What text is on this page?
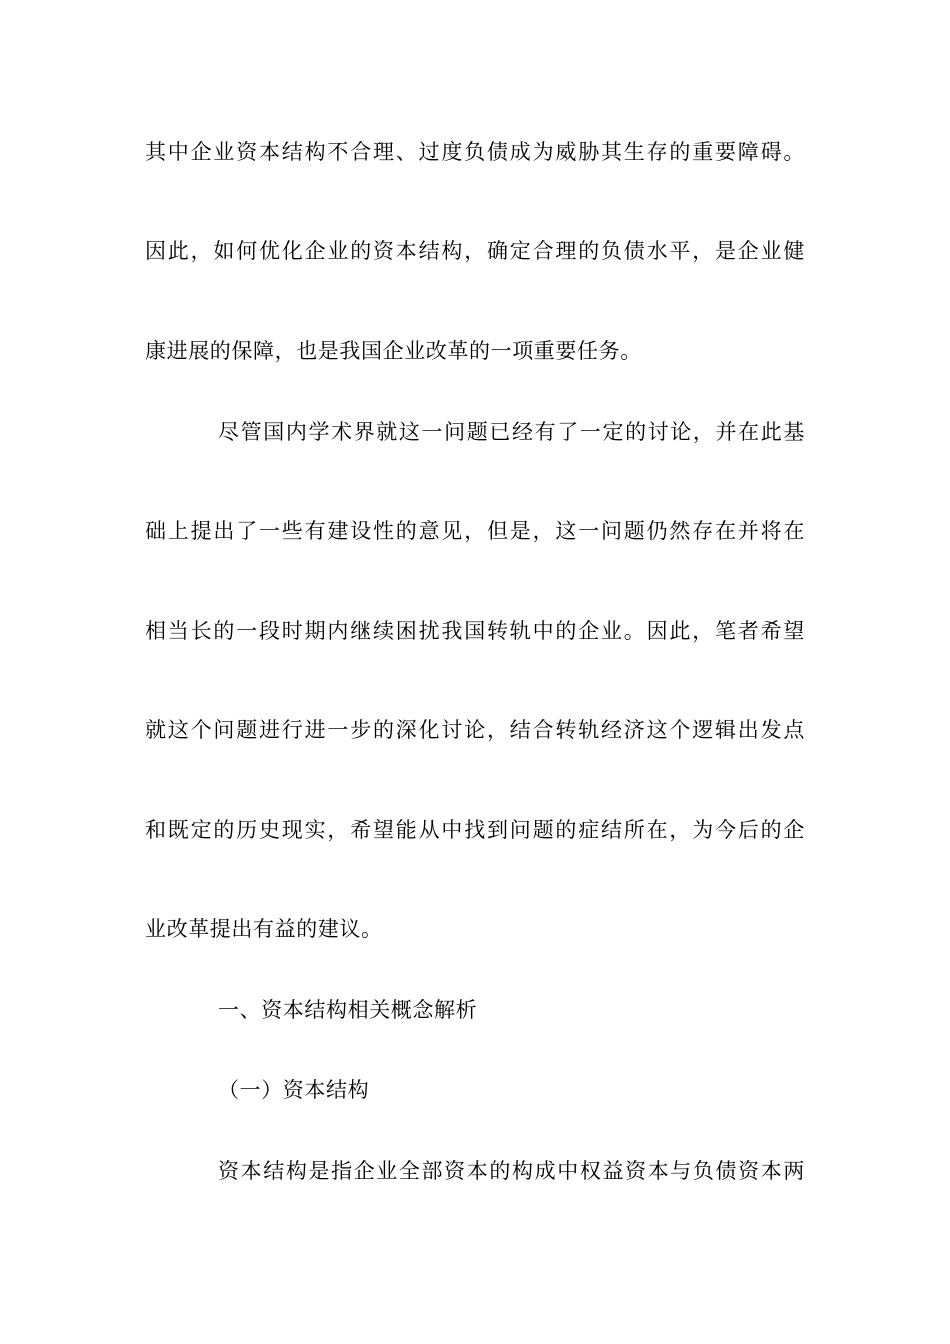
其中企业资本结构不合理、过度负债成为威胁其生存的重要障碍。
因此，如何优化企业的资本结构，确定合理的负债水平，是企业健
康进展的保障，也是我国企业改革的一项重要任务。
尽管国内学术界就这一问题已经有了一定的讨论，并在此基
础上提出了一些有建设性的意见，但是，这一问题仍然存在并将在
相当长的一段时期内继续困扰我国转轨中的企业。因此，笔者希望
就这个问题进行进一步的深化讨论，结合转轨经济这个逻辑出发点
和既定的历史现实，希望能从中找到问题的症结所在，为今后的企
业改革提出有益的建议。
一、资本结构相关概念解析
（一）资本结构
资本结构是指企业全部资本的构成中权益资本与负债资本两
